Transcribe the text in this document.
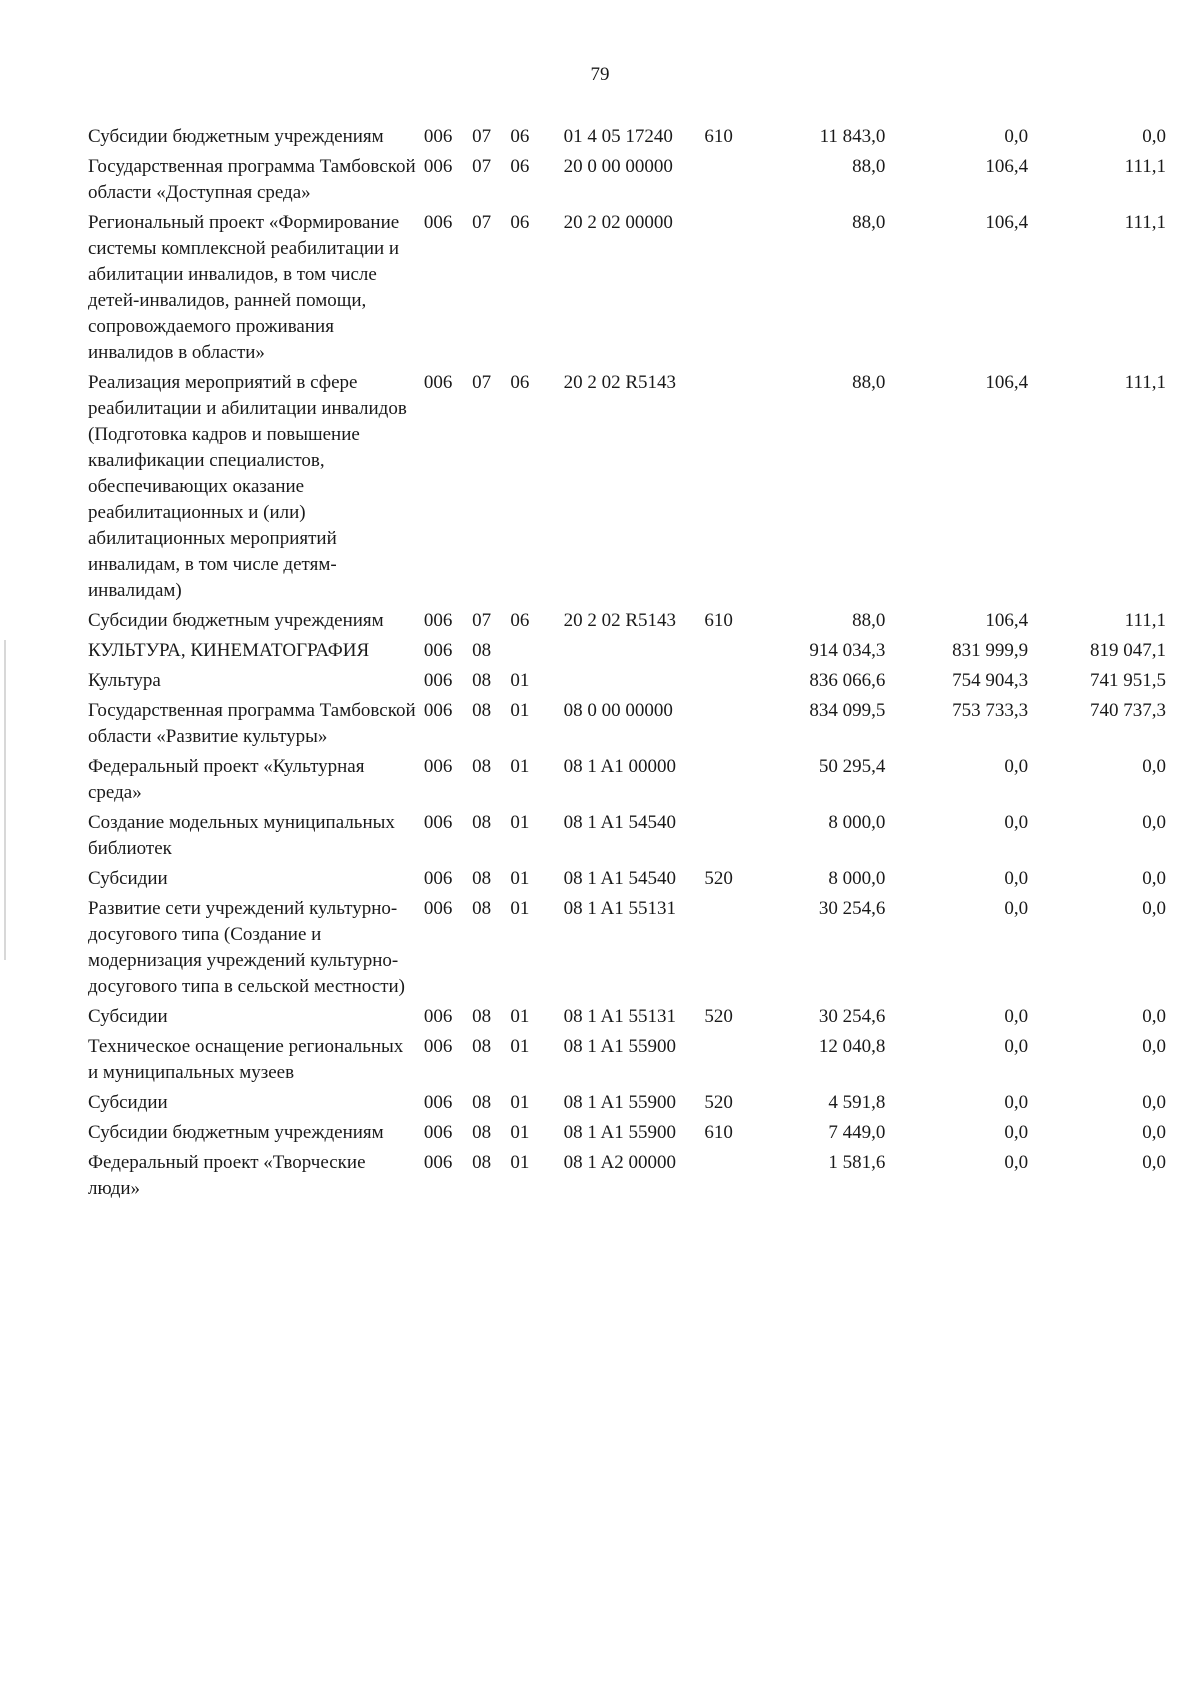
79
Субсидии бюджетным учреждениям	006	07	06	01 4 05 17240	610	11 843,0	0,0	0,0
Государственная программа Тамбовской области «Доступная среда»	006	07	06	20 0 00 00000		88,0	106,4	111,1
Региональный проект «Формирование системы комплексной реабилитации и абилитации инвалидов, в том числе детей-инвалидов, ранней помощи, сопровождаемого проживания инвалидов в области»	006	07	06	20 2 02 00000		88,0	106,4	111,1
Реализация мероприятий в сфере реабилитации и абилитации инвалидов (Подготовка кадров и повышение квалификации специалистов, обеспечивающих оказание реабилитационных и (или) абилитационных мероприятий инвалидам, в том числе детям-инвалидам)	006	07	06	20 2 02 R5143		88,0	106,4	111,1
Субсидии бюджетным учреждениям	006	07	06	20 2 02 R5143	610	88,0	106,4	111,1
КУЛЬТУРА, КИНЕМАТОГРАФИЯ	006	08				914 034,3	831 999,9	819 047,1
Культура	006	08	01			836 066,6	754 904,3	741 951,5
Государственная программа Тамбовской области «Развитие культуры»	006	08	01	08 0 00 00000		834 099,5	753 733,3	740 737,3
Федеральный проект «Культурная среда»	006	08	01	08 1 A1 00000		50 295,4	0,0	0,0
Создание модельных муниципальных библиотек	006	08	01	08 1 A1 54540		8 000,0	0,0	0,0
Субсидии	006	08	01	08 1 A1 54540	520	8 000,0	0,0	0,0
Развитие сети учреждений культурно-досугового типа (Создание и модернизация учреждений культурно-досугового типа в сельской местности)	006	08	01	08 1 A1 55131		30 254,6	0,0	0,0
Субсидии	006	08	01	08 1 A1 55131	520	30 254,6	0,0	0,0
Техническое оснащение региональных и муниципальных музеев	006	08	01	08 1 A1 55900		12 040,8	0,0	0,0
Субсидии	006	08	01	08 1 A1 55900	520	4 591,8	0,0	0,0
Субсидии бюджетным учреждениям	006	08	01	08 1 A1 55900	610	7 449,0	0,0	0,0
Федеральный проект «Творческие люди»	006	08	01	08 1 A2 00000		1 581,6	0,0	0,0
